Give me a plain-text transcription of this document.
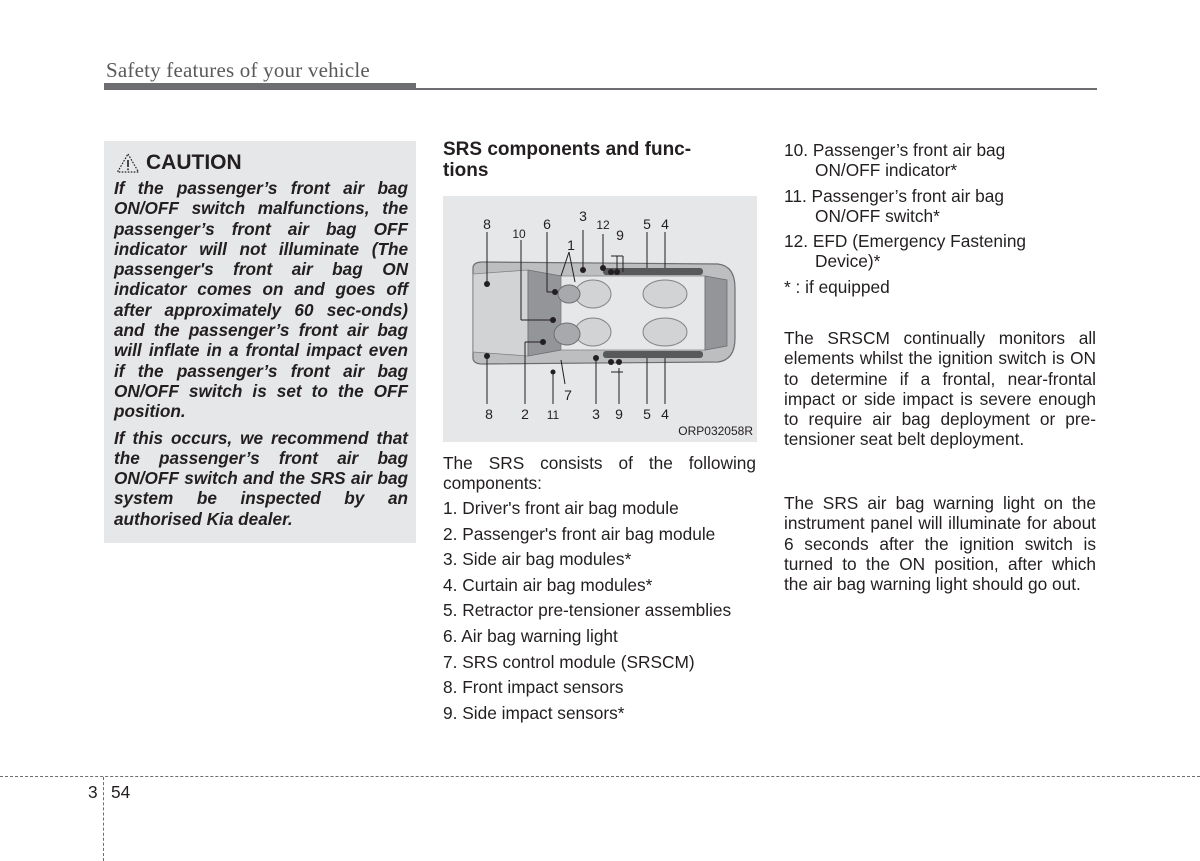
Safety features of your vehicle
CAUTION

If the passenger’s front air bag ON/OFF switch malfunctions, the passenger’s front air bag OFF indicator will not illuminate (The passenger's front air bag ON indicator comes on and goes off after approximately 60 sec-onds) and the passenger’s front air bag will inflate in a frontal impact even if the passenger’s front air bag ON/OFF switch is set to the OFF position.

If this occurs, we recommend that the passenger’s front air bag ON/OFF switch and the SRS air bag system be inspected by an authorised Kia dealer.

SRS components and func-
tions
8
10
6 3
12
9
5 4
1
8 2 11 3 9 5 4
7
ORP032058R
The SRS consists of the following components:
1. Driver's front air bag module
2. Passenger's front air bag module
3. Side air bag modules*
4. Curtain air bag modules*
5. Retractor pre-tensioner assemblies
6. Air bag warning light
7. SRS control module (SRSCM)
8. Front impact sensors
9. Side impact sensors*
10. Passenger’s front air bag
ON/OFF indicator*
11. Passenger’s front air bag
ON/OFF switch*
12. EFD (Emergency Fastening
Device)*
* : if equipped
The SRSCM continually monitors all elements whilst the ignition switch is ON to determine if a frontal, near-frontal impact or side impact is severe enough to require air bag deployment or pre-tensioner seat belt deployment.
The SRS air bag warning light on the instrument panel will illuminate for about 6 seconds after the ignition switch is turned to the ON position, after which the air bag warning light should go out.
3 54
